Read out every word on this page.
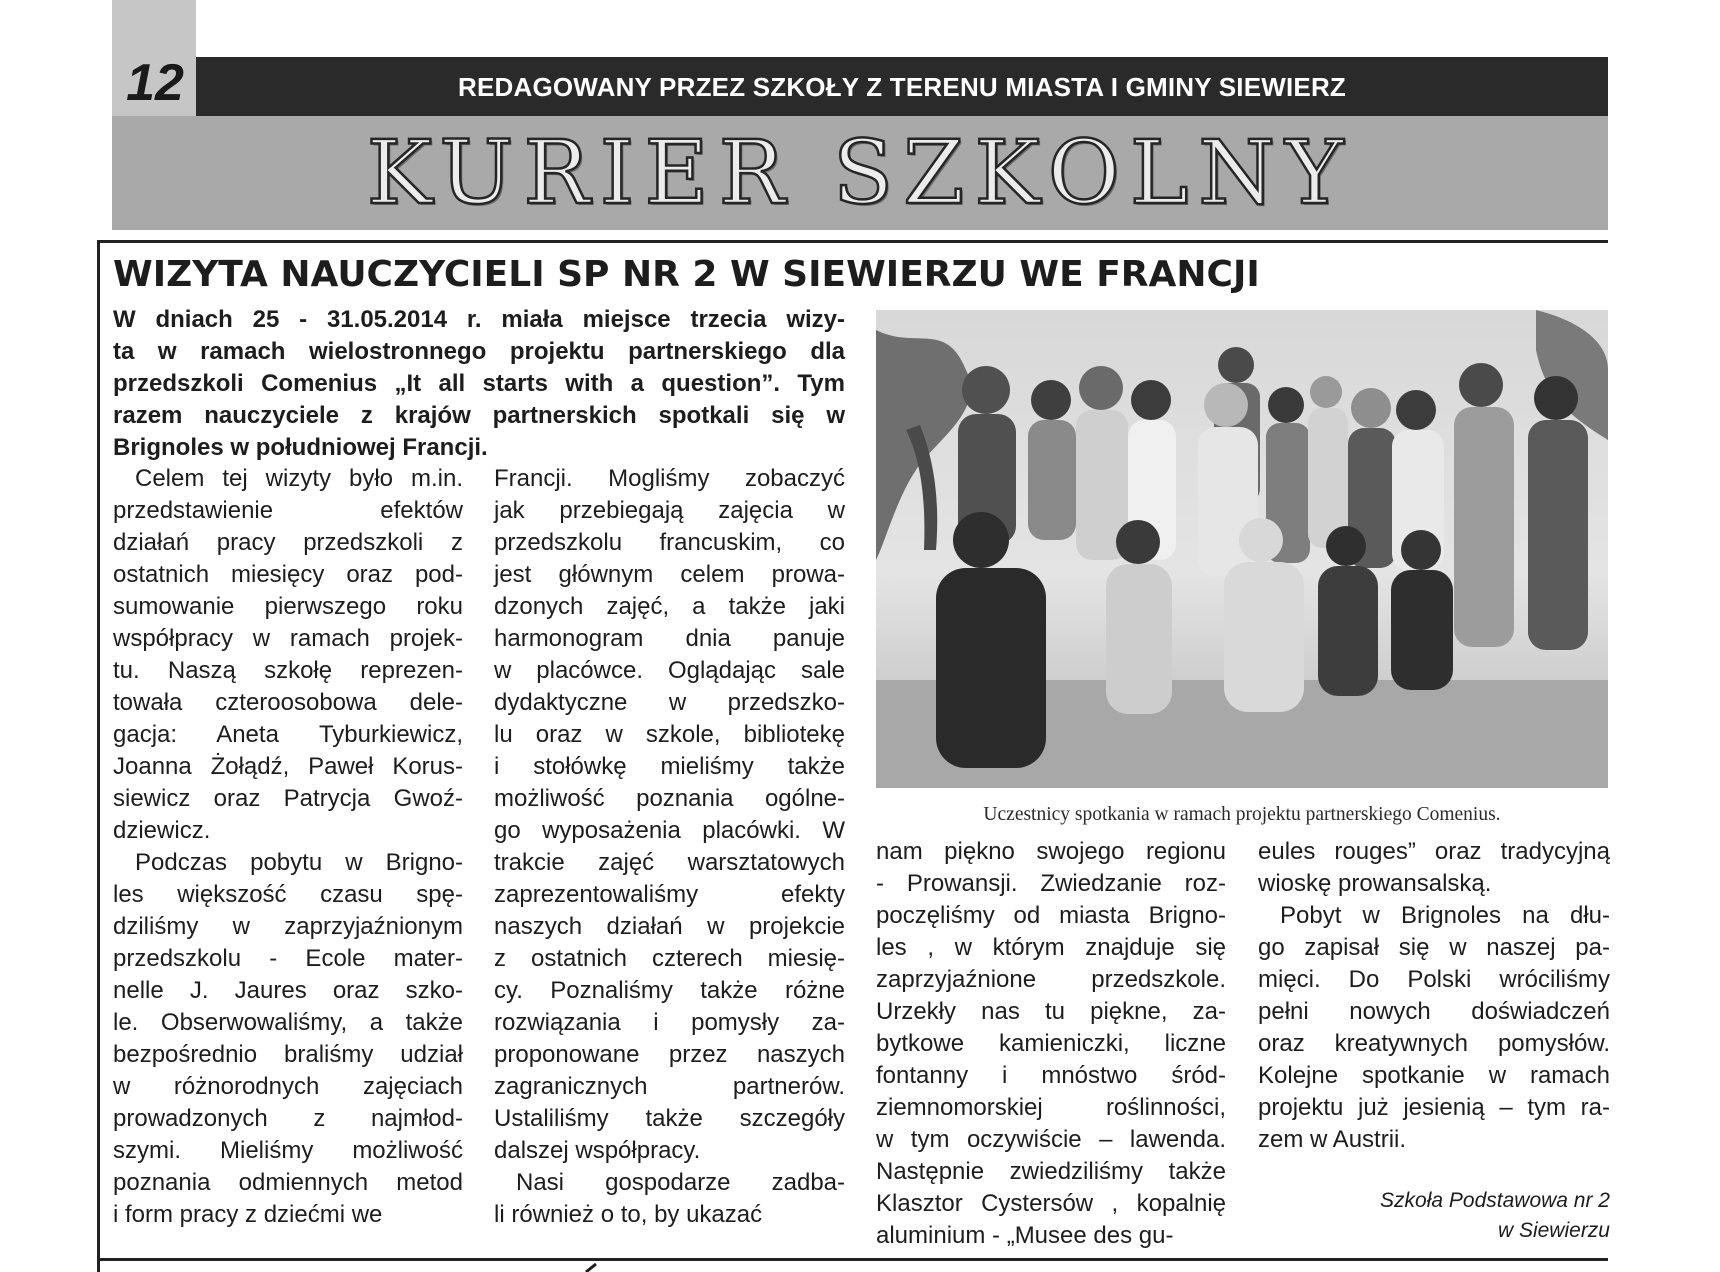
12	REDAGOWANY PRZEZ SZKOŁY Z TERENU MIASTA I GMINY SIEWIERZ
KURIER SZKOLNY
WIZYTA NAUCZYCIELI SP NR 2 W SIEWIERZU WE FRANCJI
W dniach 25 - 31.05.2014 r. miała miejsce trzecia wizy-
ta w ramach wielostronnego projektu partnerskiego dla
przedszkoli Comenius „It all starts with a question”. Tym
razem nauczyciele z krajów partnerskich spotkali się w
Brignoles w południowej Francji.
Celem tej wizyty było m.in.
przedstawienie efektów
działań pracy przedszkoli z
ostatnich miesięcy oraz pod-
sumowanie pierwszego roku
współpracy w ramach projek-
tu. Naszą szkołę reprezen-
towała czteroosobowa dele-
gacja: Aneta Tyburkiewicz,
Joanna Żołądź, Paweł Korus-
siewicz oraz Patrycja Gwoź-
dziewicz.
Podczas pobytu w Brigno-
les większość czasu spę-
dziliśmy w zaprzyjaźnionym
przedszkolu - Ecole mater-
nelle J. Jaures oraz szko-
le. Obserwowaliśmy, a także
bezpośrednio braliśmy udział
w różnorodnych zajęciach
prowadzonych z najmłod-
szymi. Mieliśmy możliwość
poznania odmiennych metod
i form pracy z dziećmi we
Francji. Mogliśmy zobaczyć
jak przebiegają zajęcia w
przedszkolu francuskim, co
jest głównym celem prowa-
dzonych zajęć, a także jaki
harmonogram dnia panuje
w placówce. Oglądając sale
dydaktyczne w przedszko-
lu oraz w szkole, bibliotekę
i stołówkę mieliśmy także
możliwość poznania ogólne-
go wyposażenia placówki. W
trakcie zajęć warsztatowych
zaprezentowaliśmy efekty
naszych działań w projekcie
z ostatnich czterech miesię-
cy. Poznaliśmy także różne
rozwiązania i pomysły za-
proponowane przez naszych
zagranicznych partnerów.
Ustaliliśmy także szczegóły
dalszej współpracy.
Nasi gospodarze zadba-
li również o to, by ukazać
nam piękno swojego regionu
- Prowansji. Zwiedzanie roz-
poczęliśmy od miasta Brigno-
les , w którym znajduje się
zaprzyjaźnione przedszkole.
Urzekły nas tu piękne, za-
bytkowe kamieniczki, liczne
fontanny i mnóstwo śród-
ziemnomorskiej roślinności,
w tym oczywiście – lawenda.
Następnie zwiedziliśmy także
Klasztor Cystersów , kopalnię
aluminium - „Musee des gu-
eules rouges” oraz tradycyjną
wioskę prowansalską.
Pobyt w Brignoles na dłu-
go zapisał się w naszej pa-
mięci. Do Polski wróciliśmy
pełni nowych doświadczeń
oraz kreatywnych pomysłów.
Kolejne spotkanie w ramach
projektu już jesienią – tym ra-
zem w Austrii.
Uczestnicy spotkania w ramach projektu partnerskiego Comenius.
Szkoła Podstawowa nr 2
w Siewierzu
